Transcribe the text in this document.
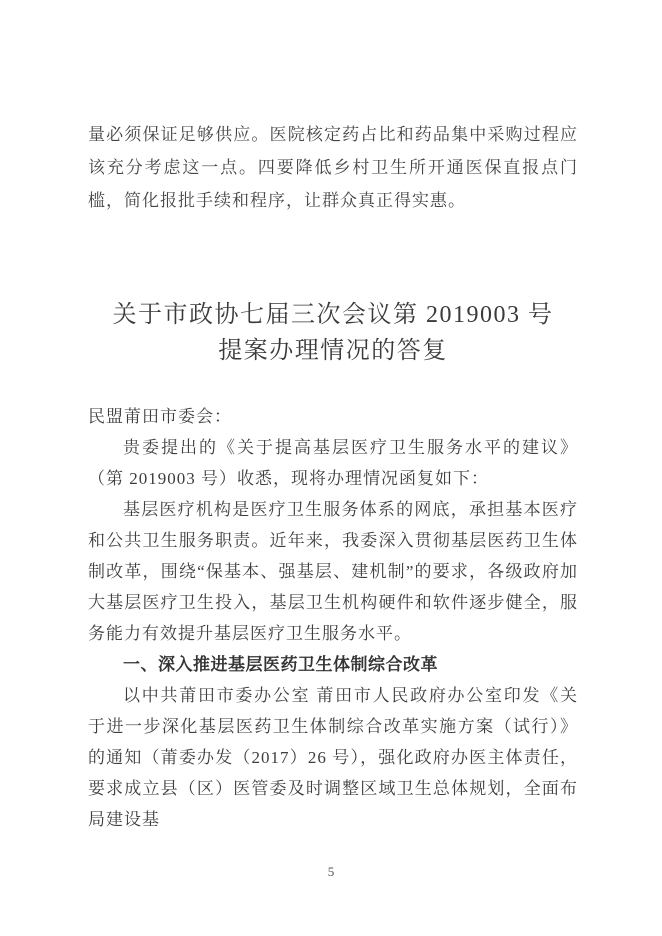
量必须保证足够供应。医院核定药占比和药品集中采购过程应该充分考虑这一点。四要降低乡村卫生所开通医保直报点门槛，简化报批手续和程序，让群众真正得实惠。

关于市政协七届三次会议第 2019003 号
提案办理情况的答复

民盟莆田市委会：

贵委提出的《关于提高基层医疗卫生服务水平的建议》（第 2019003 号）收悉，现将办理情况函复如下：

基层医疗机构是医疗卫生服务体系的网底，承担基本医疗和公共卫生服务职责。近年来，我委深入贯彻基层医药卫生体制改革，围绕“保基本、强基层、建机制”的要求，各级政府加大基层医疗卫生投入，基层卫生机构硬件和软件逐步健全，服务能力有效提升基层医疗卫生服务水平。

一、深入推进基层医药卫生体制综合改革

以中共莆田市委办公室 莆田市人民政府办公室印发《关于进一步深化基层医药卫生体制综合改革实施方案（试行）》的通知（莆委办发（2017）26 号），强化政府办医主体责任，要求成立县（区）医管委及时调整区域卫生总体规划，全面布局建设基

5
